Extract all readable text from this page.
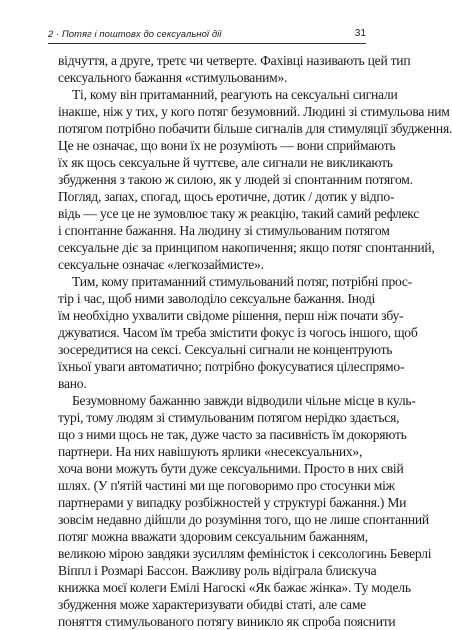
2 · Потяг і поштовх до сексуальної дії	31

відчуття, а друге, третє чи четверте. Фахівці називають цей тип
сексуального бажання «стимульованим».

Ті, кому він притаманний, реагують на сексуальні сигнали
інакше, ніж у тих, у кого потяг безумовний. Людині зі стимульова ним
потягом потрібно побачити більше сигналів для стимуляції збудження.
Це не означає, що вони їх не розуміють — вони сприймають
їх як щось сексуальне й чуттєве, але сигнали не викликають
збудження з такою ж силою, як у людей зі спонтанним потягом.
Погляд, запах, спогад, щось еротичне, дотик / дотик у відпо-
відь — усе це не зумовлює таку ж реакцію, такий самий рефлекс
і спонтанне бажання. На людину зі стимульованим потягом
сексуальне діє за принципом накопичення; якщо потяг спонтанний,
сексуальне означає «легкозаймисте».

Тим, кому притаманний стимульований потяг, потрібні прос-
тір і час, щоб ними заволоділо сексуальне бажання. Іноді
їм необхідно ухвалити свідоме рішення, перш ніж почати збу-
джуватися. Часом їм треба змістити фокус із чогось іншого, щоб
зосередитися на сексі. Сексуальні сигнали не концентрують
їхньої уваги автоматично; потрібно фокусуватися цілеспрямо-
вано.

Безумовному бажанню завжди відводили чільне місце в куль-
турі, тому людям зі стимульованим потягом нерідко здається,
що з ними щось не так, дуже часто за пасивність їм докоряють
партнери. На них навішують ярлики «несексуальних»,
хоча вони можуть бути дуже сексуальними. Просто в них свій
шлях. (У п'ятій частині ми ще поговоримо про стосунки між
партнерами у випадку розбіжностей у структурі бажання.) Ми
зовсім недавно дійшли до розуміння того, що не лише спонтанний
потяг можна вважати здоровим сексуальним бажанням,
великою мірою завдяки зусиллям феміністок і сексологинь Беверлі
Віппл і Розмарі Бассон. Важливу роль відіграла блискуча
книжка моєї колеги Емілі Нагоскі «Як бажає жінка». Ту модель
збудження може характеризувати обидві статі, але саме
поняття стимульованого потягу виникло як спроба пояснити
